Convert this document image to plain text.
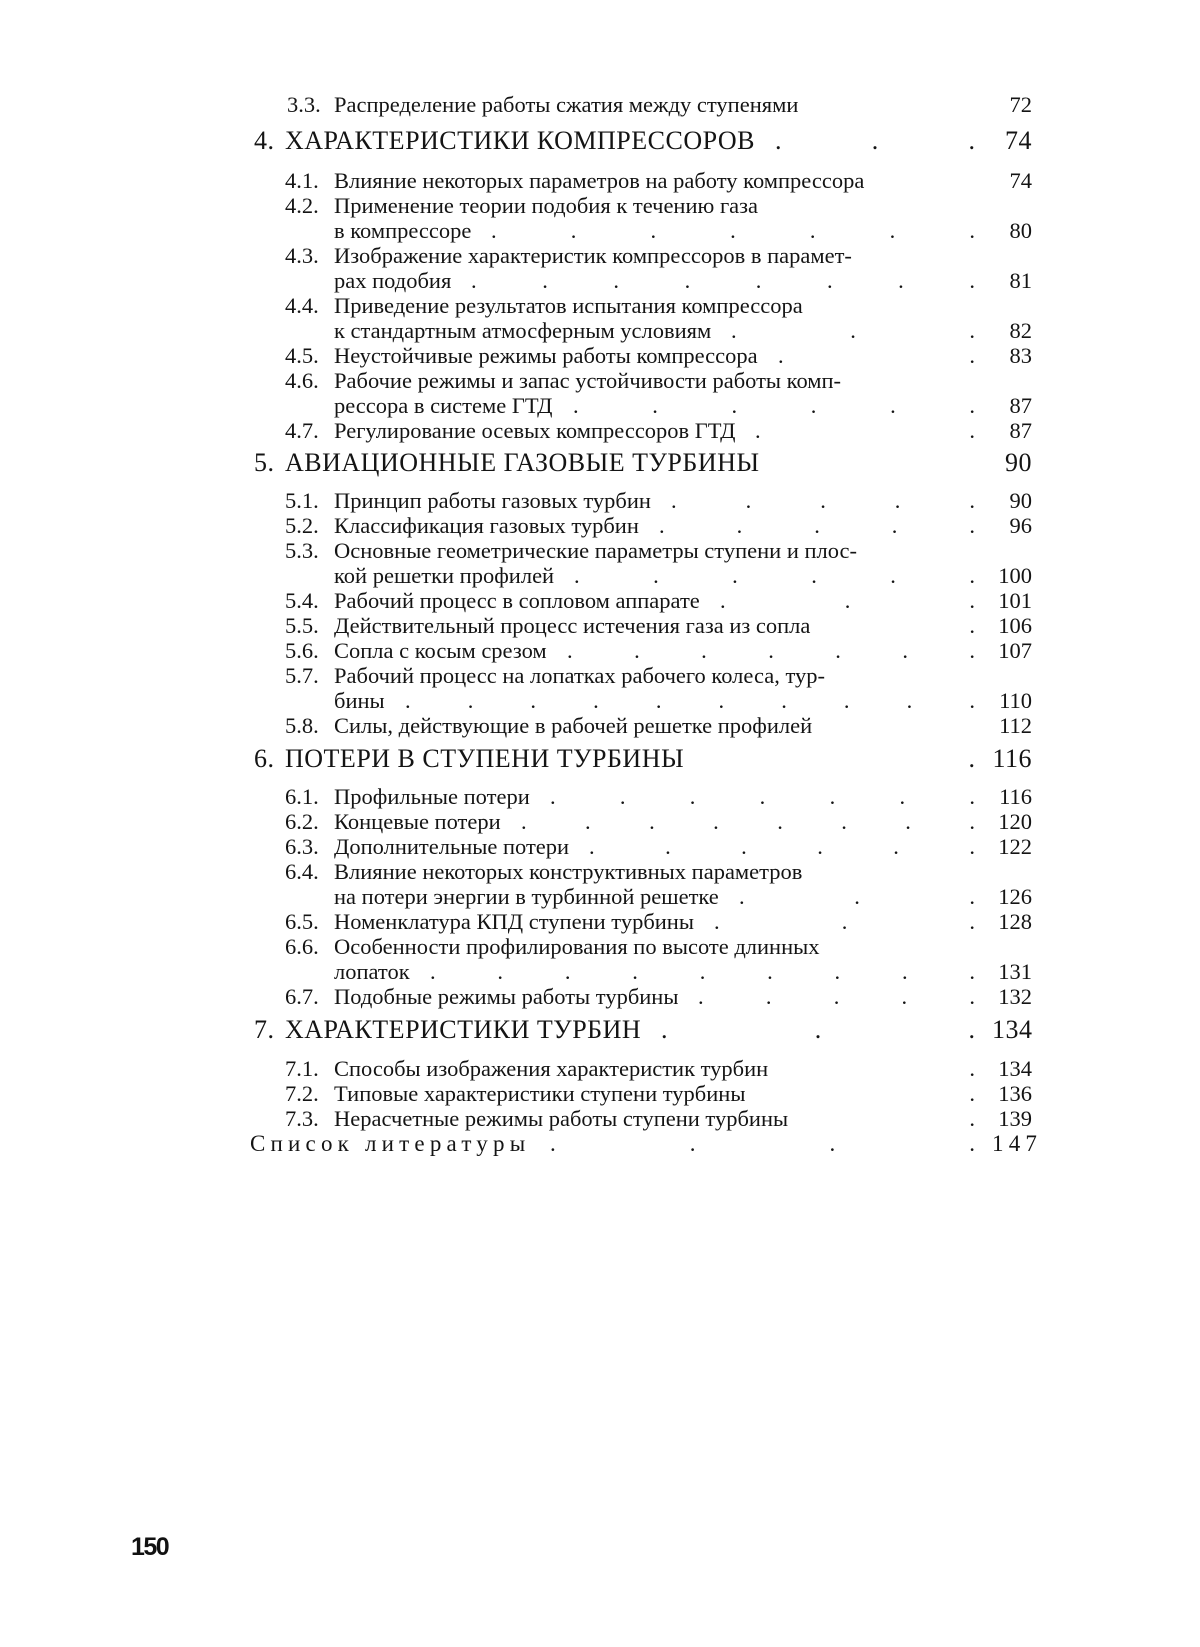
3.3. Распределение работы сжатия между ступенями	72
4. ХАРАКТЕРИСТИКИ КОМПРЕССОРОВ .	.	.	74
4.1. Влияние некоторых параметров на работу компрессора	74
4.2. Применение теории подобия к течению газа
в компрессоре .	.	.	.	.	.	.	80
4.3. Изображение характеристик компрессоров в парамет-
рах подобия .	.	.	.	.	.	.	.	81
4.4. Приведение результатов испытания компрессора
к стандартным атмосферным условиям .	.	.	82
4.5. Неустойчивые режимы работы компрессора .	.	83
4.6. Рабочие режимы и запас устойчивости работы комп-
рессора в системе ГТД .	.	.	.	.	.	87
4.7. Регулирование осевых компрессоров ГТД .	.	87
5. АВИАЦИОННЫЕ ГАЗОВЫЕ ТУРБИНЫ	90
5.1. Принцип работы газовых турбин .	.	.	.	.	90
5.2. Классификация газовых турбин .	.	.	.	.	96
5.3. Основные геометрические параметры ступени и плос-
кой решетки профилей .	.	.	.	.	. 100
5.4. Рабочий процесс в сопловом аппарате .	.	. 101
5.5. Действительный процесс истечения газа из сопла	. 106
5.6. Сопла с косым срезом .	.	.	.	.	.	. 107
5.7. Рабочий процесс на лопатках рабочего колеса, тур-
бины .	.	.	.	.	.	.	.	.	.	110
5.8. Силы, действующие в рабочей решетке профилей	112
6. ПОТЕРИ В СТУПЕНИ ТУРБИНЫ	. 116
6.1. Профильные потери .	.	.	.	.	.	.	116
6.2. Концевые потери .	.	.	.	.	.	.	. 120
6.3. Дополнительные потери .	.	.	.	.	. 122
6.4. Влияние некоторых конструктивных параметров
на потери энергии в турбинной решетке .	.	. 126
6.5. Номенклатура КПД ступени турбины .	.	. 128
6.6. Особенности профилирования по высоте длинных
лопаток .	.	.	.	.	.	.	.	. 131
6.7. Подобные режимы работы турбины .	.	.	.	. 132
7. ХАРАКТЕРИСТИКИ ТУРБИН .	.	. 134
7.1. Способы изображения характеристик турбин	. 134
7.2. Типовые характеристики ступени турбины	. 136
7.3. Нерасчетные режимы работы ступени турбины	. 139
Список литературы .	.	.	. 147
150
